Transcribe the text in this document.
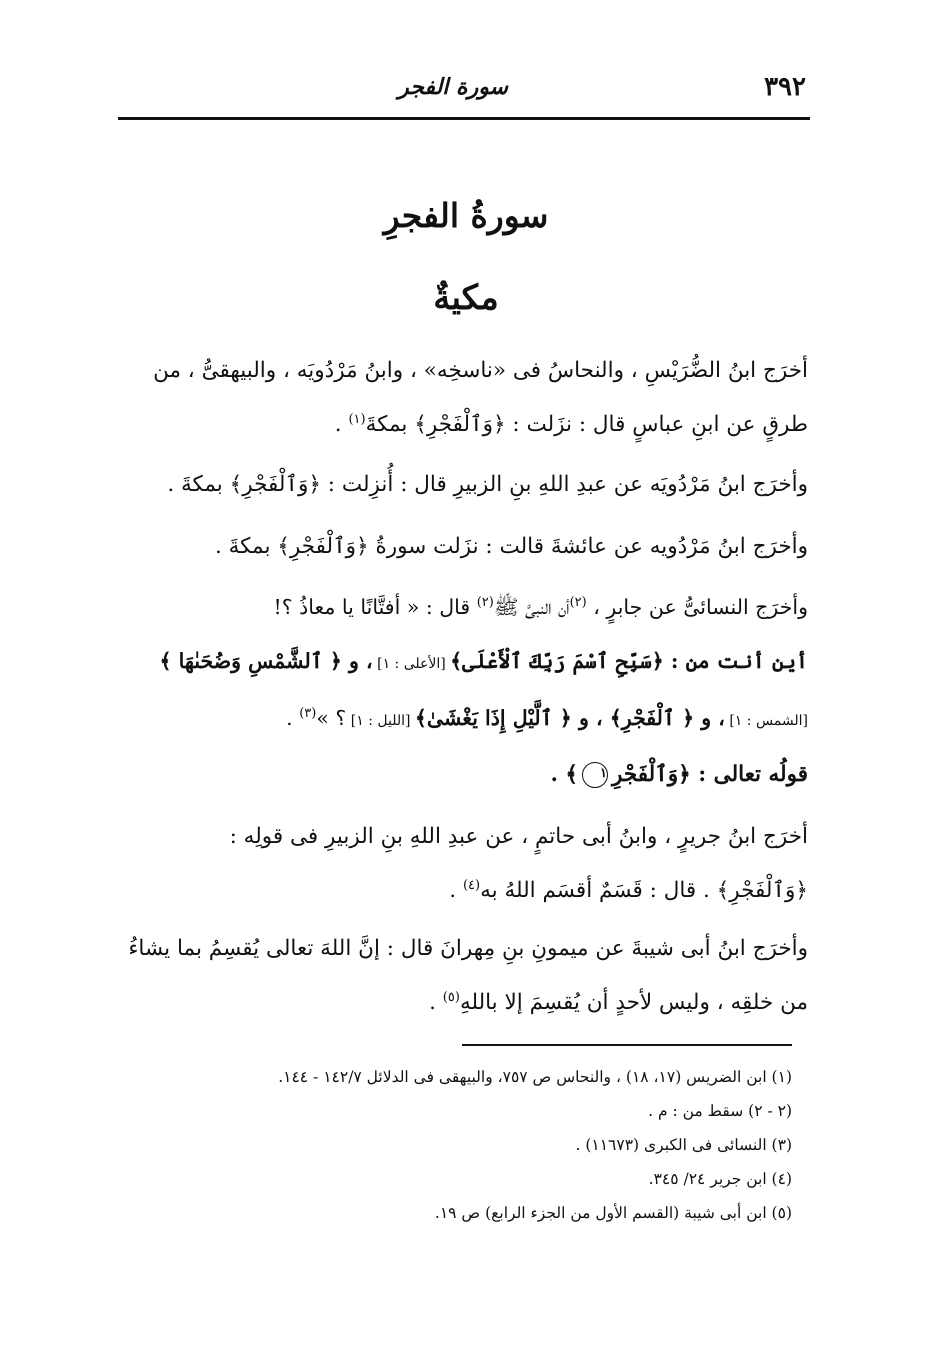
٣٩٢
سورة الفجر
سورةُ الفجرِ
مكيةٌ

أخرَج ابنُ الضُّرَيْسِ ، والنحاسُ فى «ناسخِه» ، وابنُ مَرْدُويَه ، والبيهقىُّ ، من

طرقٍ عن ابنِ عباسٍ قال : نزَلت : ﴿وَٱلْفَجْرِ﴾ بمكةَ$^{(١)}$ .

وأخرَج ابنُ مَرْدُويَه عن عبدِ اللهِ بنِ الزبيرِ قال : أُنزِلت : ﴿وَٱلْفَجْرِ﴾ بمكةَ .

وأخرَج ابنُ مَرْدُويه عن عائشةَ قالت : نزَلت سورةُ ﴿وَٱلْفَجْرِ﴾ بمكةَ .

وأخرَج النسائىُّ عن جابرٍ ، $^{(٢)}$أن النبىَّ ﷺ$^{(٢)}$ قال : « أفتَّانًا يا معاذُ ؟!

أين أنت من : ﴿سَبِّحِ ٱسْمَ رَبِّكَ ٱلْأَعْلَى﴾ [الأعلى : ١] ، و ﴿ ٱلشَّمْسِ وَضُحَىٰهَا ﴾

[الشمس : ١] ، و ﴿ ٱلْفَجْرِ﴾ ، و ﴿ ٱلَّيْلِ إِذَا يَغْشَىٰ﴾ [الليل : ١] ؟ »$^{(٣)}$ .

قولُه تعالى : ﴿وَٱلْفَجْرِ١﴾ .

أخرَج ابنُ جريرٍ ، وابنُ أبى حاتمٍ ، عن عبدِ اللهِ بنِ الزبيرِ فى قولِه :

﴿وَٱلْفَجْرِ﴾ . قال : قَسَمٌ أقسَم اللهُ به$^{(٤)}$ .

وأخرَج ابنُ أبى شيبةَ عن ميمونِ بنِ مِهرانَ قال : إنَّ اللهَ تعالى يُقسِمُ بما يشاءُ

من خلقِه ، وليس لأحدٍ أن يُقسِمَ إلا باللهِ$^{(٥)}$ .

(١) ابن الضريس (١٧، ١٨) ، والنحاس ص ٧٥٧، والبيهقى فى الدلائل ١٤٢/٧ - ١٤٤.
(٢ - ٢) سقط من : م .
(٣) النسائى فى الكبرى (١١٦٧٣) .
(٤) ابن جرير ٢٤/ ٣٤٥.
(٥) ابن أبى شيبة (القسم الأول من الجزء الرابع) ص ١٩.
